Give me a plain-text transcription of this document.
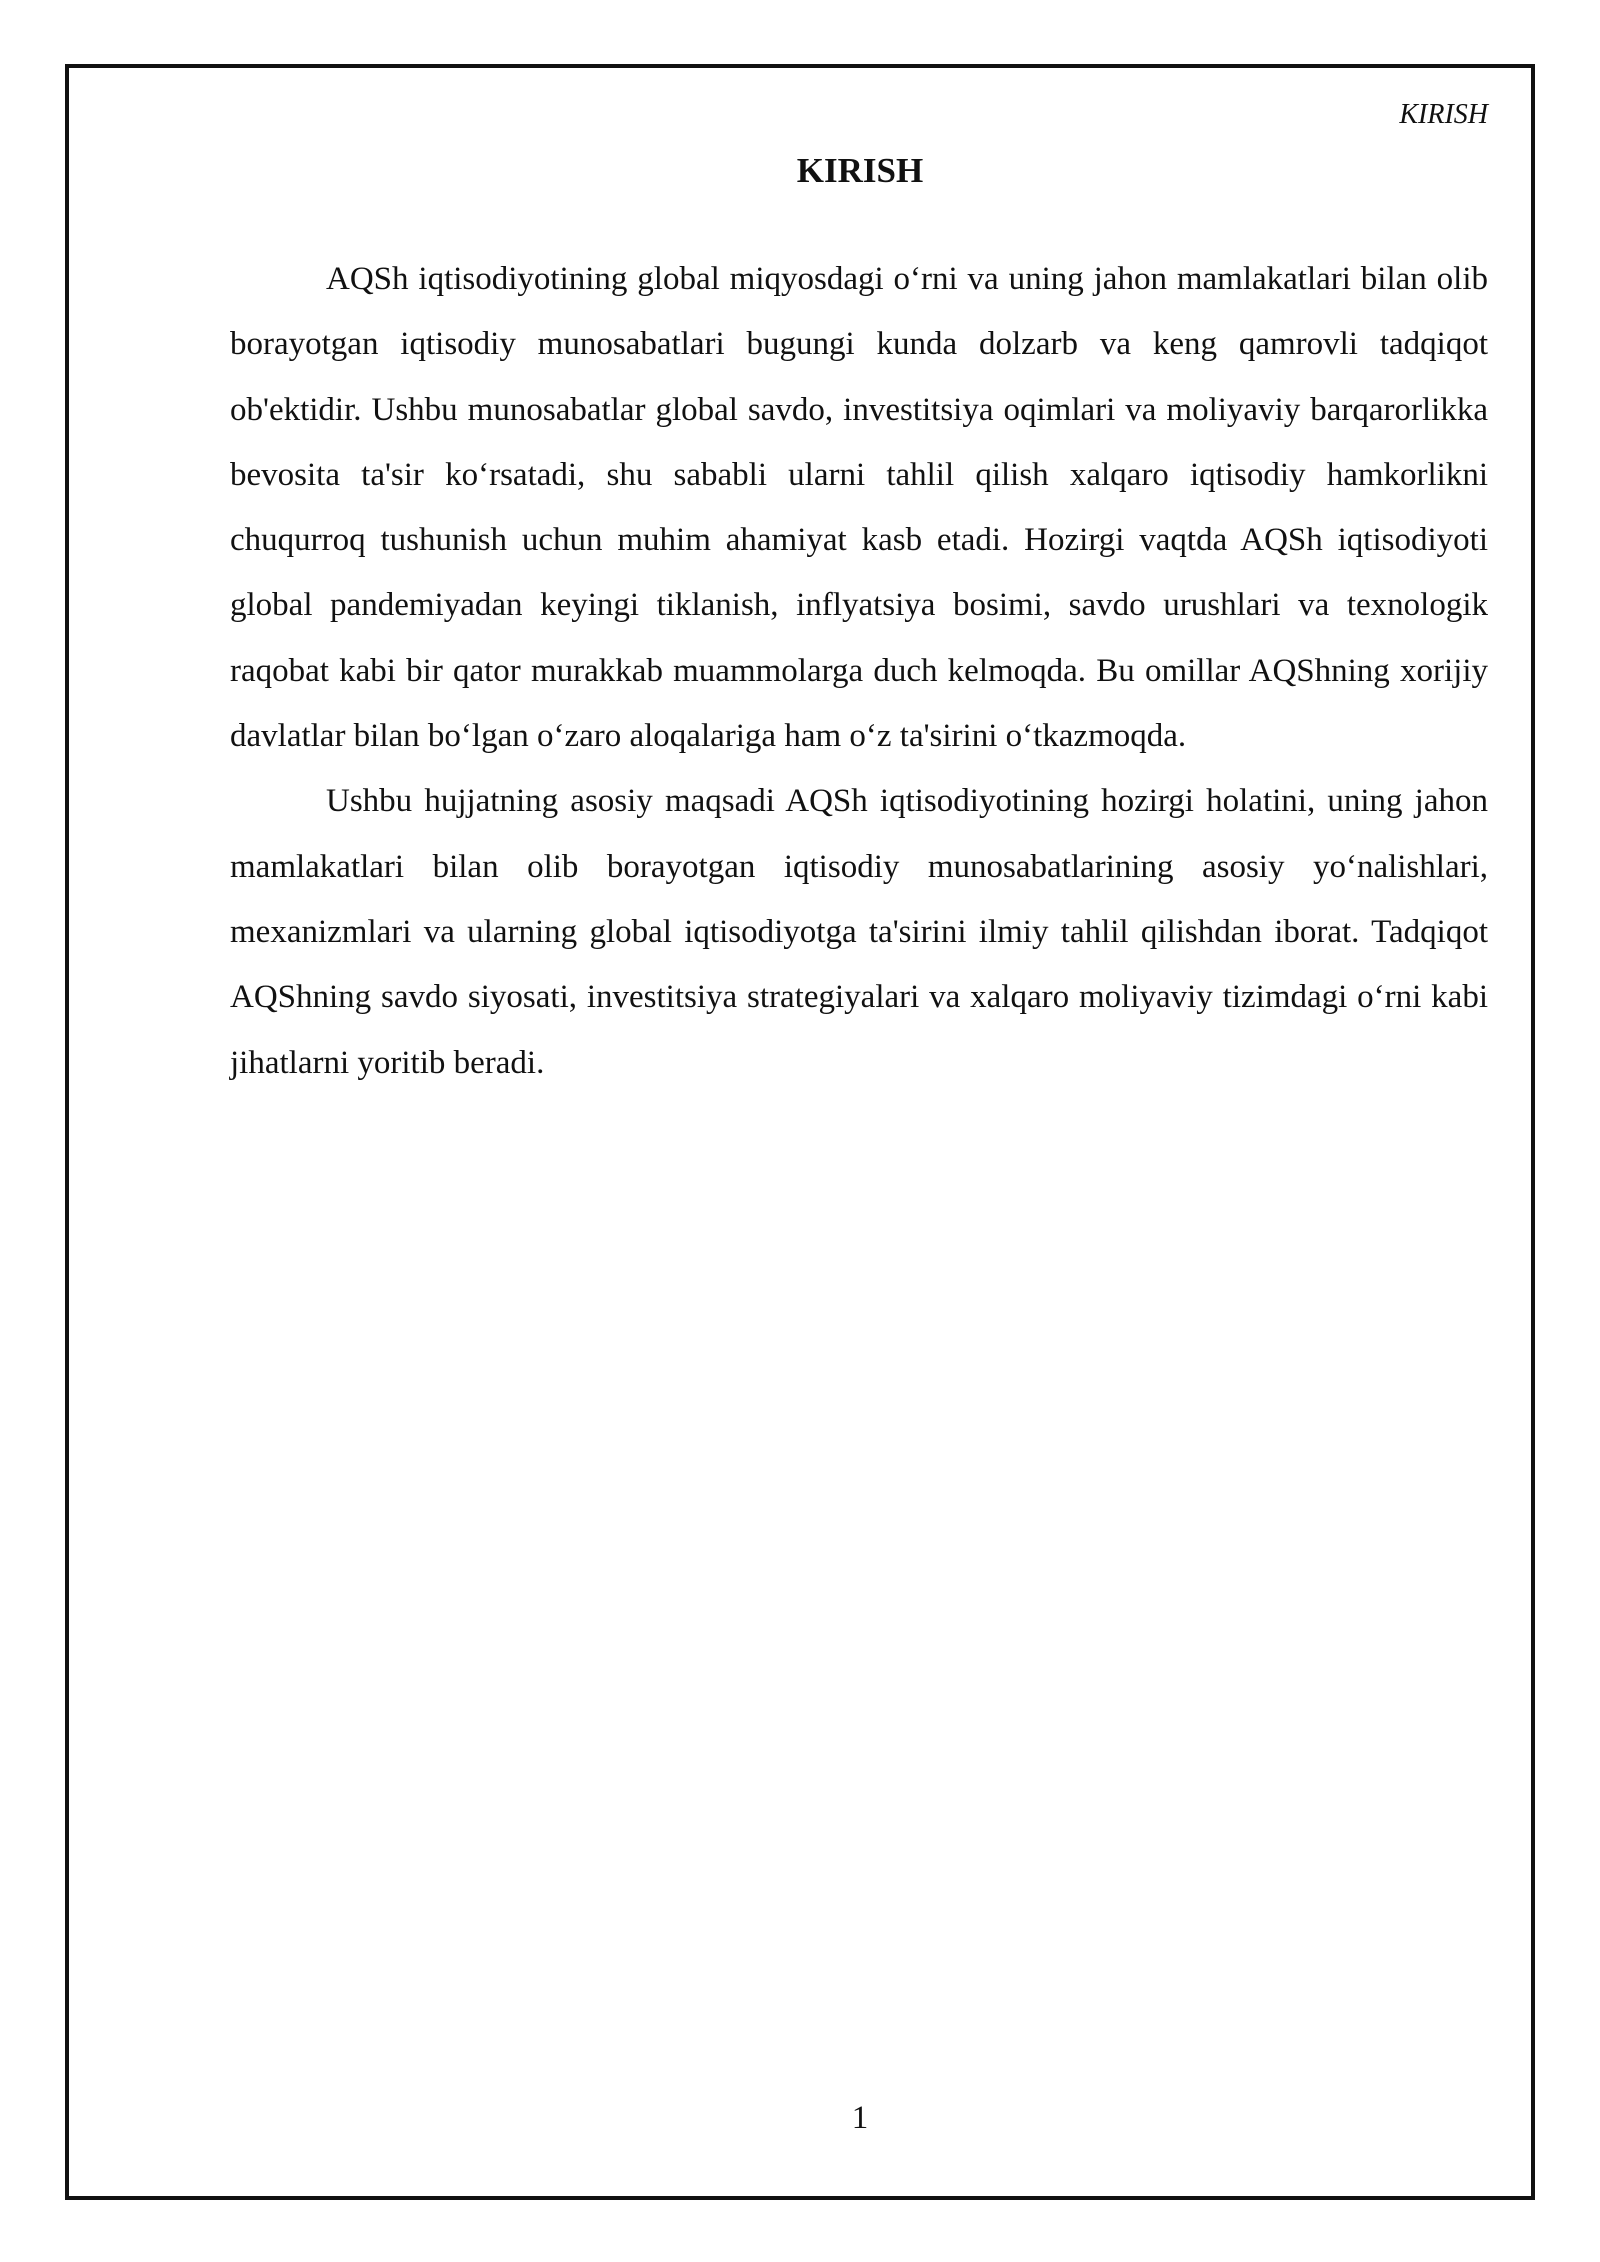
KIRISH
KIRISH

AQSh iqtisodiyotining global miqyosdagi o‘rni va uning jahon mamlakatlari bilan olib borayotgan iqtisodiy munosabatlari bugungi kunda dolzarb va keng qamrovli tadqiqot ob'ektidir. Ushbu munosabatlar global savdo, investitsiya oqimlari va moliyaviy barqarorlikka bevosita ta'sir ko‘rsatadi, shu sababli ularni tahlil qilish xalqaro iqtisodiy hamkorlikni chuqurroq tushunish uchun muhim ahamiyat kasb etadi. Hozirgi vaqtda AQSh iqtisodiyoti global pandemiyadan keyingi tiklanish, inflyatsiya bosimi, savdo urushlari va texnologik raqobat kabi bir qator murakkab muammolarga duch kelmoqda. Bu omillar AQShning xorijiy davlatlar bilan bo‘lgan o‘zaro aloqalariga ham o‘z ta'sirini o‘tkazmoqda.

Ushbu hujjatning asosiy maqsadi AQSh iqtisodiyotining hozirgi holatini, uning jahon mamlakatlari bilan olib borayotgan iqtisodiy munosabatlarining asosiy yo‘nalishlari, mexanizmlari va ularning global iqtisodiyotga ta'sirini ilmiy tahlil qilishdan iborat. Tadqiqot AQShning savdo siyosati, investitsiya strategiyalari va xalqaro moliyaviy tizimdagi o‘rni kabi jihatlarni yoritib beradi.

1
